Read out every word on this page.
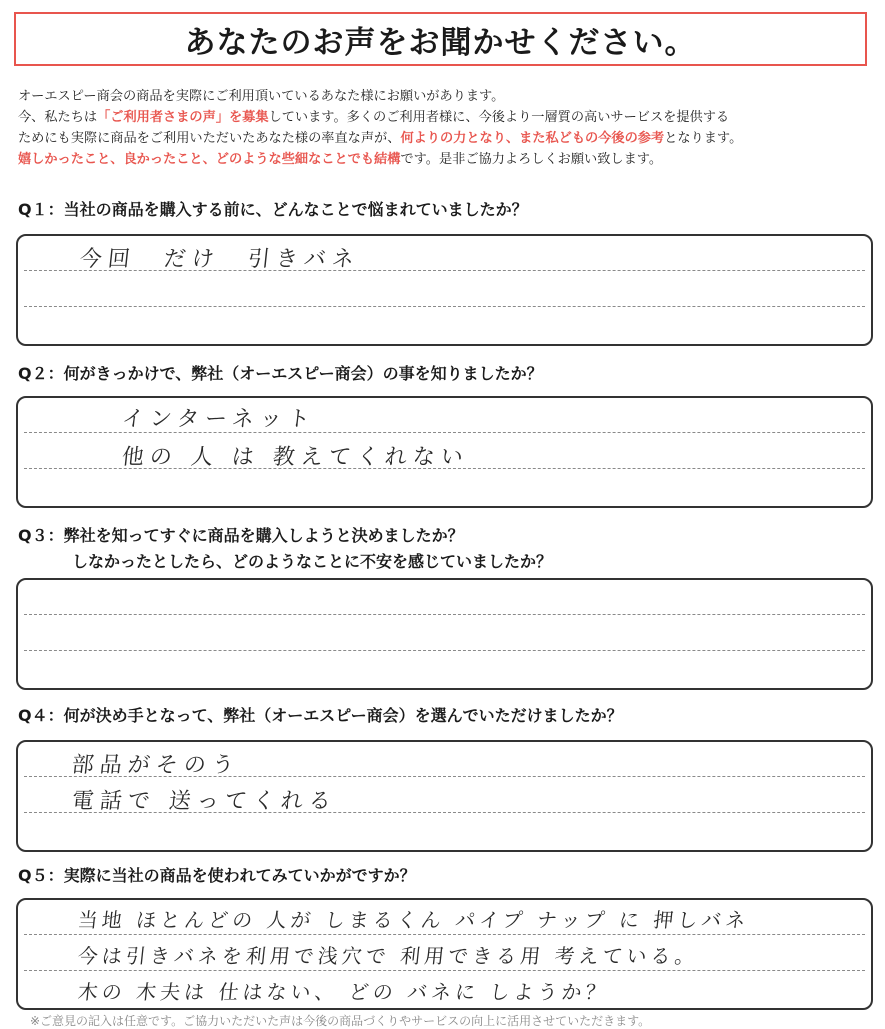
あなたのお声をお聞かせください。
オーエスピー商会の商品を実際にご利用頂いているあなた様にお願いがあります。
今、私たちは「ご利用者さまの声」を募集しています。多くのご利用者様に、今後より一層質の高いサービスを提供する
ためにも実際に商品をご利用いただいたあなた様の率直な声が、何よりの力となり、また私どもの今後の参考となります。
嬉しかったこと、良かったこと、どのような些細なことでも結構です。是非ご協力よろしくお願い致します。
Q１：当社の商品を購入する前に、どんなことで悩まれていましたか？
今回　だけ　引きバネ
Q２：何がきっかけで、弊社（オーエスピー商会）の事を知りましたか？
インターネット
他の 人 は 教えてくれない
Q３：弊社を知ってすぐに商品を購入しようと決めましたか？
しなかったとしたら、どのようなことに不安を感じていましたか？
Q４：何が決め手となって、弊社（オーエスピー商会）を選んでいただけましたか？
部品がそのう
電話で 送ってくれる
Q５：実際に当社の商品を使われてみていかがですか？
当地 ほとんどの 人が しまるくん パイプ ナップ に 押しバネ
今は引きバネを利用で浅穴で 利用できる用 考えている。
木の 木夫は 仕はない、 どの バネに しようか？
※ご意見の記入は任意です。ご協力いただいた声は今後の商品づくりやサービスの向上に活用させていただきます。
